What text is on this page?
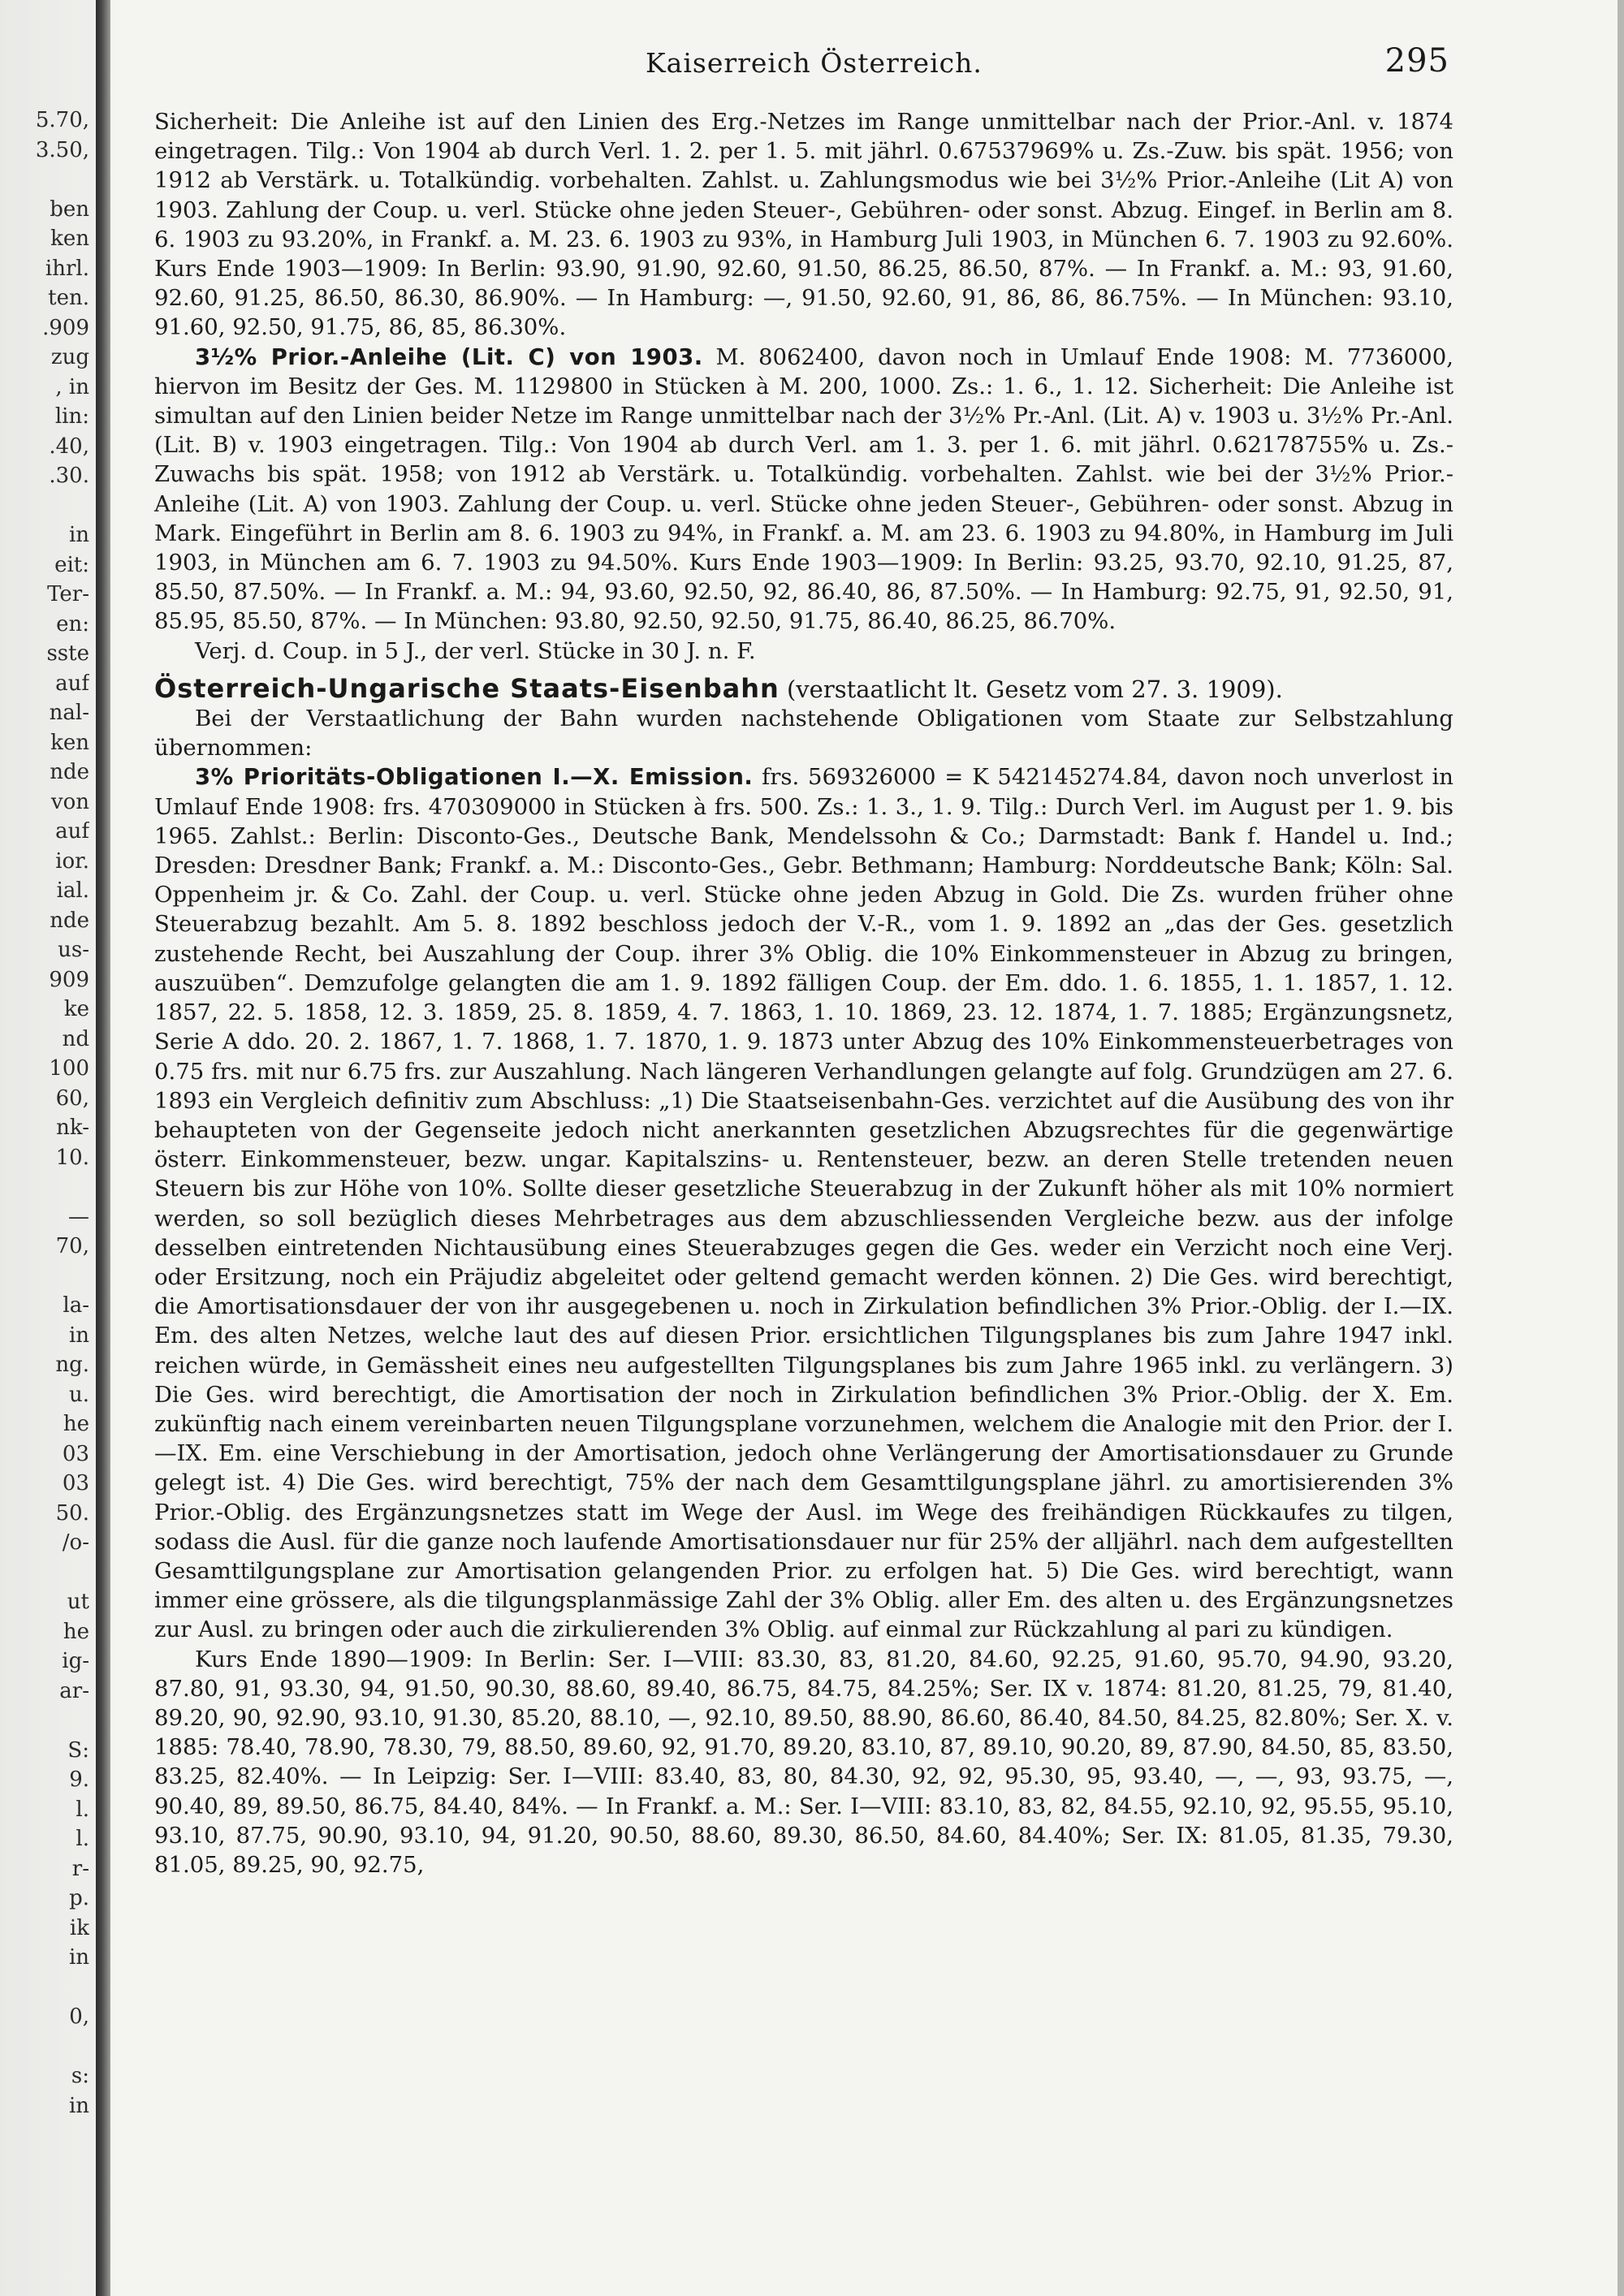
5.70,
3.50,

ben
ken
ihrl.
ten.
.909
zug
, in
lin:
.40,
.30.

in
eit:
Ter-
en:
sste
auf
nal-
ken
nde
von
auf
ior.
ial.
nde
us-
909
ke
nd
100
60,
nk-
10.

—
70,

la-
in
ng.
u.
he
03
03
50.
/o-

ut
he
ig-
ar-

S:
9.
l.
l.
r-
p.
ik
in

0,

s:
in
Kaiserreich Österreich.	295

Sicherheit: Die Anleihe ist auf den Linien des Erg.-Netzes im Range unmittelbar nach der Prior.-Anl. v. 1874 eingetragen. Tilg.: Von 1904 ab durch Verl. 1. 2. per 1. 5. mit jährl. 0.67537969% u. Zs.-Zuw. bis spät. 1956; von 1912 ab Verstärk. u. Totalkündig. vorbehalten. Zahlst. u. Zahlungsmodus wie bei 3½% Prior.-Anleihe (Lit A) von 1903. Zahlung der Coup. u. verl. Stücke ohne jeden Steuer-, Gebühren- oder sonst. Abzug. Eingef. in Berlin am 8. 6. 1903 zu 93.20%, in Frankf. a. M. 23. 6. 1903 zu 93%, in Hamburg Juli 1903, in München 6. 7. 1903 zu 92.60%. Kurs Ende 1903—1909: In Berlin: 93.90, 91.90, 92.60, 91.50, 86.25, 86.50, 87%. — In Frankf. a. M.: 93, 91.60, 92.60, 91.25, 86.50, 86.30, 86.90%. — In Hamburg: —, 91.50, 92.60, 91, 86, 86, 86.75%. — In München: 93.10, 91.60, 92.50, 91.75, 86, 85, 86.30%.

3½% Prior.-Anleihe (Lit. C) von 1903. M. 8062400, davon noch in Umlauf Ende 1908: M. 7736000, hiervon im Besitz der Ges. M. 1129800 in Stücken à M. 200, 1000. Zs.: 1. 6., 1. 12. Sicherheit: Die Anleihe ist simultan auf den Linien beider Netze im Range unmittelbar nach der 3½% Pr.-Anl. (Lit. A) v. 1903 u. 3½% Pr.-Anl. (Lit. B) v. 1903 eingetragen. Tilg.: Von 1904 ab durch Verl. am 1. 3. per 1. 6. mit jährl. 0.62178755% u. Zs.-Zuwachs bis spät. 1958; von 1912 ab Verstärk. u. Totalkündig. vorbehalten. Zahlst. wie bei der 3½% Prior.-Anleihe (Lit. A) von 1903. Zahlung der Coup. u. verl. Stücke ohne jeden Steuer-, Gebühren- oder sonst. Abzug in Mark. Eingeführt in Berlin am 8. 6. 1903 zu 94%, in Frankf. a. M. am 23. 6. 1903 zu 94.80%, in Hamburg im Juli 1903, in München am 6. 7. 1903 zu 94.50%. Kurs Ende 1903—1909: In Berlin: 93.25, 93.70, 92.10, 91.25, 87, 85.50, 87.50%. — In Frankf. a. M.: 94, 93.60, 92.50, 92, 86.40, 86, 87.50%. — In Hamburg: 92.75, 91, 92.50, 91, 85.95, 85.50, 87%. — In München: 93.80, 92.50, 92.50, 91.75, 86.40, 86.25, 86.70%.

Verj. d. Coup. in 5 J., der verl. Stücke in 30 J. n. F.

Österreich-Ungarische Staats-Eisenbahn (verstaatlicht lt. Gesetz vom 27. 3. 1909).

Bei der Verstaatlichung der Bahn wurden nachstehende Obligationen vom Staate zur Selbstzahlung übernommen:

3% Prioritäts-Obligationen I.—X. Emission. frs. 569326000 = K 542145274.84, davon noch unverlost in Umlauf Ende 1908: frs. 470309000 in Stücken à frs. 500. Zs.: 1. 3., 1. 9. Tilg.: Durch Verl. im August per 1. 9. bis 1965. Zahlst.: Berlin: Disconto-Ges., Deutsche Bank, Mendelssohn & Co.; Darmstadt: Bank f. Handel u. Ind.; Dresden: Dresdner Bank; Frankf. a. M.: Disconto-Ges., Gebr. Bethmann; Hamburg: Norddeutsche Bank; Köln: Sal. Oppenheim jr. & Co. Zahl. der Coup. u. verl. Stücke ohne jeden Abzug in Gold. Die Zs. wurden früher ohne Steuerabzug bezahlt. Am 5. 8. 1892 beschloss jedoch der V.-R., vom 1. 9. 1892 an „das der Ges. gesetzlich zustehende Recht, bei Auszahlung der Coup. ihrer 3% Oblig. die 10% Einkommensteuer in Abzug zu bringen, auszuüben“. Demzufolge gelangten die am 1. 9. 1892 fälligen Coup. der Em. ddo. 1. 6. 1855, 1. 1. 1857, 1. 12. 1857, 22. 5. 1858, 12. 3. 1859, 25. 8. 1859, 4. 7. 1863, 1. 10. 1869, 23. 12. 1874, 1. 7. 1885; Ergänzungsnetz, Serie A ddo. 20. 2. 1867, 1. 7. 1868, 1. 7. 1870, 1. 9. 1873 unter Abzug des 10% Einkommensteuerbetrages von 0.75 frs. mit nur 6.75 frs. zur Auszahlung. Nach längeren Verhandlungen gelangte auf folg. Grundzügen am 27. 6. 1893 ein Vergleich definitiv zum Abschluss: „1) Die Staatseisenbahn-Ges. verzichtet auf die Ausübung des von ihr behaupteten von der Gegenseite jedoch nicht anerkannten gesetzlichen Abzugsrechtes für die gegenwärtige österr. Einkommensteuer, bezw. ungar. Kapitalszins- u. Rentensteuer, bezw. an deren Stelle tretenden neuen Steuern bis zur Höhe von 10%. Sollte dieser gesetzliche Steuerabzug in der Zukunft höher als mit 10% normiert werden, so soll bezüglich dieses Mehrbetrages aus dem abzuschliessenden Vergleiche bezw. aus der infolge desselben eintretenden Nichtausübung eines Steuerabzuges gegen die Ges. weder ein Verzicht noch eine Verj. oder Ersitzung, noch ein Präjudiz abgeleitet oder geltend gemacht werden können. 2) Die Ges. wird berechtigt, die Amortisationsdauer der von ihr ausgegebenen u. noch in Zirkulation befindlichen 3% Prior.-Oblig. der I.—IX. Em. des alten Netzes, welche laut des auf diesen Prior. ersichtlichen Tilgungsplanes bis zum Jahre 1947 inkl. reichen würde, in Gemässheit eines neu aufgestellten Tilgungsplanes bis zum Jahre 1965 inkl. zu verlängern. 3) Die Ges. wird berechtigt, die Amortisation der noch in Zirkulation befindlichen 3% Prior.-Oblig. der X. Em. zukünftig nach einem vereinbarten neuen Tilgungsplane vorzunehmen, welchem die Analogie mit den Prior. der I.—IX. Em. eine Verschiebung in der Amortisation, jedoch ohne Verlängerung der Amortisationsdauer zu Grunde gelegt ist. 4) Die Ges. wird berechtigt, 75% der nach dem Gesamttilgungsplane jährl. zu amortisierenden 3% Prior.-Oblig. des Ergänzungsnetzes statt im Wege der Ausl. im Wege des freihändigen Rückkaufes zu tilgen, sodass die Ausl. für die ganze noch laufende Amortisationsdauer nur für 25% der alljährl. nach dem aufgestellten Gesamttilgungsplane zur Amortisation gelangenden Prior. zu erfolgen hat. 5) Die Ges. wird berechtigt, wann immer eine grössere, als die tilgungsplanmässige Zahl der 3% Oblig. aller Em. des alten u. des Ergänzungsnetzes zur Ausl. zu bringen oder auch die zirkulierenden 3% Oblig. auf einmal zur Rückzahlung al pari zu kündigen.

Kurs Ende 1890—1909: In Berlin: Ser. I—VIII: 83.30, 83, 81.20, 84.60, 92.25, 91.60, 95.70, 94.90, 93.20, 87.80, 91, 93.30, 94, 91.50, 90.30, 88.60, 89.40, 86.75, 84.75, 84.25%; Ser. IX v. 1874: 81.20, 81.25, 79, 81.40, 89.20, 90, 92.90, 93.10, 91.30, 85.20, 88.10, —, 92.10, 89.50, 88.90, 86.60, 86.40, 84.50, 84.25, 82.80%; Ser. X. v. 1885: 78.40, 78.90, 78.30, 79, 88.50, 89.60, 92, 91.70, 89.20, 83.10, 87, 89.10, 90.20, 89, 87.90, 84.50, 85, 83.50, 83.25, 82.40%. — In Leipzig: Ser. I—VIII: 83.40, 83, 80, 84.30, 92, 92, 95.30, 95, 93.40, —, —, 93, 93.75, —, 90.40, 89, 89.50, 86.75, 84.40, 84%. — In Frankf. a. M.: Ser. I—VIII: 83.10, 83, 82, 84.55, 92.10, 92, 95.55, 95.10, 93.10, 87.75, 90.90, 93.10, 94, 91.20, 90.50, 88.60, 89.30, 86.50, 84.60, 84.40%; Ser. IX: 81.05, 81.35, 79.30, 81.05, 89.25, 90, 92.75,
